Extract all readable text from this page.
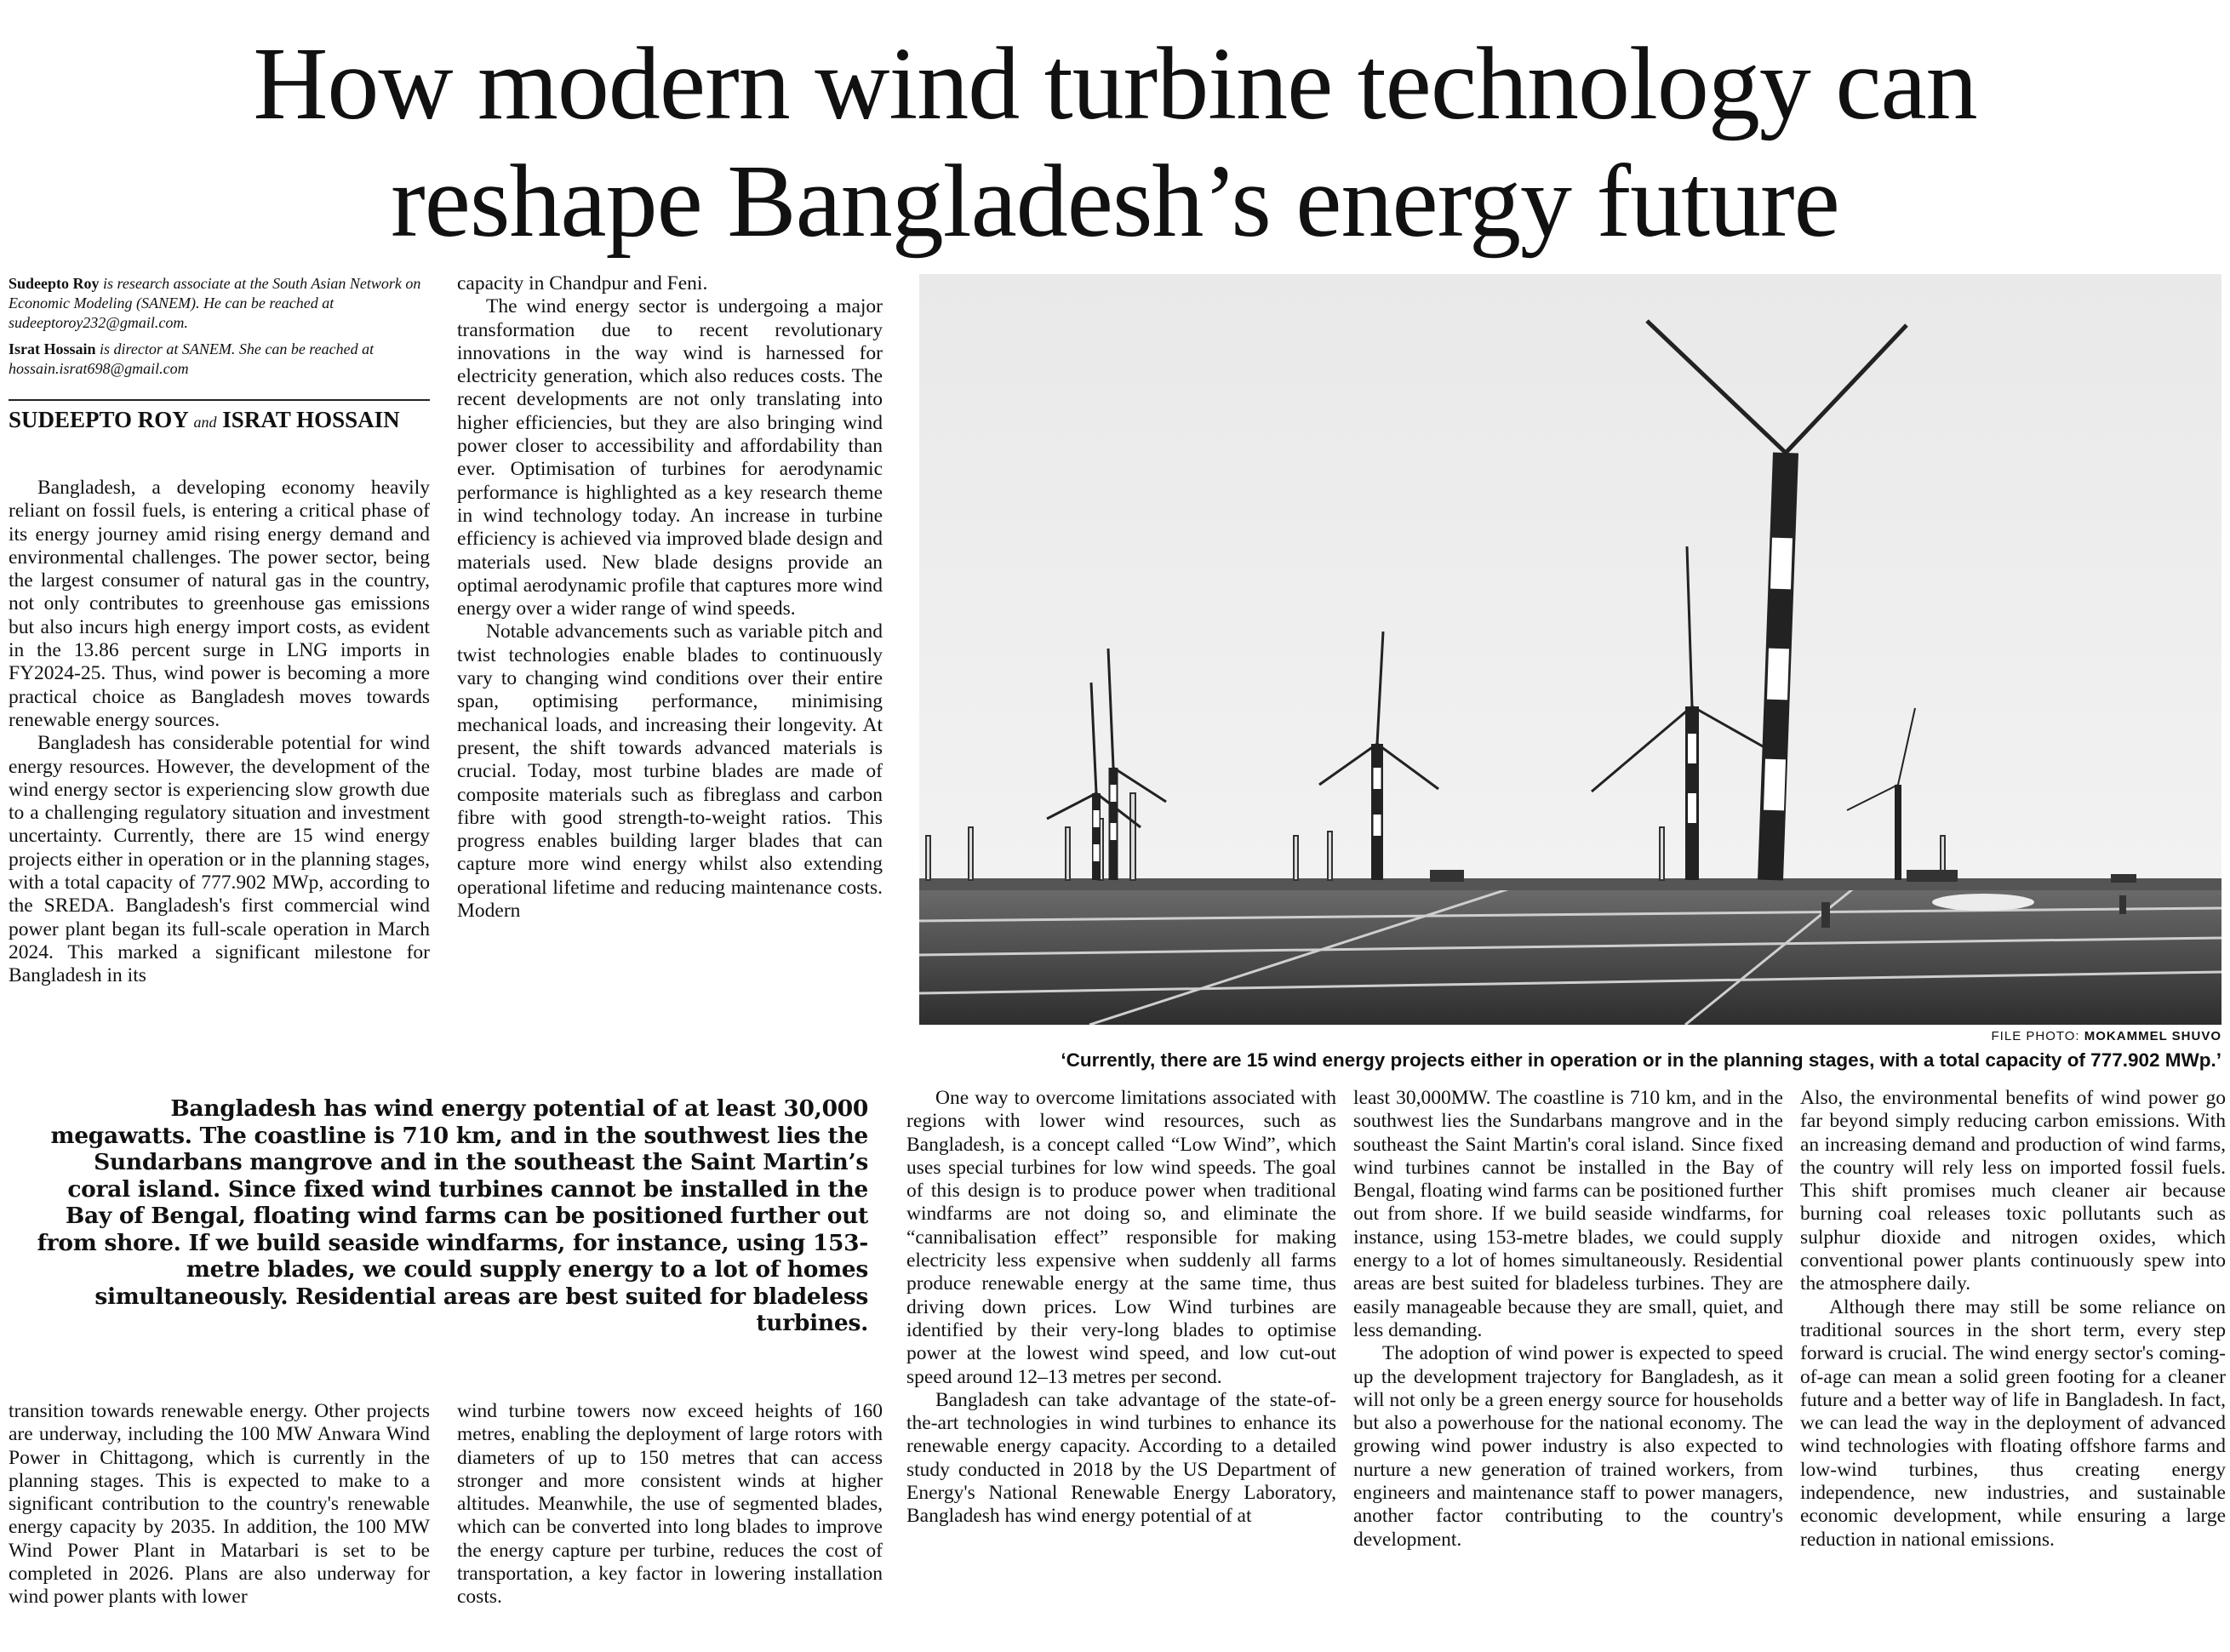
How modern wind turbine technology can
reshape Bangladesh’s energy future

Sudeepto Roy is research associate at the South Asian Network on Economic Modeling (SANEM). He can be reached at sudeeptoroy232@gmail.com.

Israt Hossain is director at SANEM. She can be reached at hossain.israt698@gmail.com

SUDEEPTO ROY and ISRAT HOSSAIN

Bangladesh, a developing economy heavily reliant on fossil fuels, is entering a critical phase of its energy journey amid rising energy demand and environmental challenges. The power sector, being the largest consumer of natural gas in the country, not only contributes to greenhouse gas emissions but also incurs high energy import costs, as evident in the 13.86 percent surge in LNG imports in FY2024-25. Thus, wind power is becoming a more practical choice as Bangladesh moves towards renewable energy sources.

Bangladesh has considerable potential for wind energy resources. However, the development of the wind energy sector is experiencing slow growth due to a challenging regulatory situation and investment uncertainty. Currently, there are 15 wind energy projects either in operation or in the planning stages, with a total capacity of 777.902 MWp, according to the SREDA. Bangladesh's first commercial wind power plant began its full-scale operation in March 2024. This marked a significant milestone for Bangladesh in its

capacity in Chandpur and Feni.

The wind energy sector is undergoing a major transformation due to recent revolutionary innovations in the way wind is harnessed for electricity generation, which also reduces costs. The recent developments are not only translating into higher efficiencies, but they are also bringing wind power closer to accessibility and affordability than ever. Optimisation of turbines for aerodynamic performance is highlighted as a key research theme in wind technology today. An increase in turbine efficiency is achieved via improved blade design and materials used. New blade designs provide an optimal aerodynamic profile that captures more wind energy over a wider range of wind speeds.

Notable advancements such as variable pitch and twist technologies enable blades to continuously vary to changing wind conditions over their entire span, optimising performance, minimising mechanical loads, and increasing their longevity. At present, the shift towards advanced materials is crucial. Today, most turbine blades are made of composite materials such as fibreglass and carbon fibre with good strength-to-weight ratios. This progress enables building larger blades that can capture more wind energy whilst also extending operational lifetime and reducing maintenance costs. Modern

FILE PHOTO: MOKAMMEL SHUVO
‘Currently, there are 15 wind energy projects either in operation or in the planning stages, with a total capacity of 777.902 MWp.’

Bangladesh has wind energy potential of at least 30,000 megawatts. The coastline is 710 km, and in the southwest lies the Sundarbans mangrove and in the southeast the Saint Martin’s coral island. Since fixed wind turbines cannot be installed in the Bay of Bengal, floating wind farms can be positioned further out from shore. If we build seaside windfarms, for instance, using 153-metre blades, we could supply energy to a lot of homes simultaneously. Residential areas are best suited for bladeless turbines.

transition towards renewable energy. Other projects are underway, including the 100 MW Anwara Wind Power in Chittagong, which is currently in the planning stages. This is expected to make to a significant contribution to the country's renewable energy capacity by 2035. In addition, the 100 MW Wind Power Plant in Matarbari is set to be completed in 2026. Plans are also underway for wind power plants with lower

wind turbine towers now exceed heights of 160 metres, enabling the deployment of large rotors with diameters of up to 150 metres that can access stronger and more consistent winds at higher altitudes. Meanwhile, the use of segmented blades, which can be converted into long blades to improve the energy capture per turbine, reduces the cost of transportation, a key factor in lowering installation costs.

One way to overcome limitations associated with regions with lower wind resources, such as Bangladesh, is a concept called “Low Wind”, which uses special turbines for low wind speeds. The goal of this design is to produce power when traditional windfarms are not doing so, and eliminate the “cannibalisation effect” responsible for making electricity less expensive when suddenly all farms produce renewable energy at the same time, thus driving down prices. Low Wind turbines are identified by their very-long blades to optimise power at the lowest wind speed, and low cut-out speed around 12–13 metres per second.

Bangladesh can take advantage of the state-of-the-art technologies in wind turbines to enhance its renewable energy capacity. According to a detailed study conducted in 2018 by the US Department of Energy's National Renewable Energy Laboratory, Bangladesh has wind energy potential of at

least 30,000MW. The coastline is 710 km, and in the southwest lies the Sundarbans mangrove and in the southeast the Saint Martin's coral island. Since fixed wind turbines cannot be installed in the Bay of Bengal, floating wind farms can be positioned further out from shore. If we build seaside windfarms, for instance, using 153-metre blades, we could supply energy to a lot of homes simultaneously. Residential areas are best suited for bladeless turbines. They are easily manageable because they are small, quiet, and less demanding.

The adoption of wind power is expected to speed up the development trajectory for Bangladesh, as it will not only be a green energy source for households but also a powerhouse for the national economy. The growing wind power industry is also expected to nurture a new generation of trained workers, from engineers and maintenance staff to power managers, another factor contributing to the country's development.

Also, the environmental benefits of wind power go far beyond simply reducing carbon emissions. With an increasing demand and production of wind farms, the country will rely less on imported fossil fuels. This shift promises much cleaner air because burning coal releases toxic pollutants such as sulphur dioxide and nitrogen oxides, which conventional power plants continuously spew into the atmosphere daily.

Although there may still be some reliance on traditional sources in the short term, every step forward is crucial. The wind energy sector's coming-of-age can mean a solid green footing for a cleaner future and a better way of life in Bangladesh. In fact, we can lead the way in the deployment of advanced wind technologies with floating offshore farms and low-wind turbines, thus creating energy independence, new industries, and sustainable economic development, while ensuring a large reduction in national emissions.
